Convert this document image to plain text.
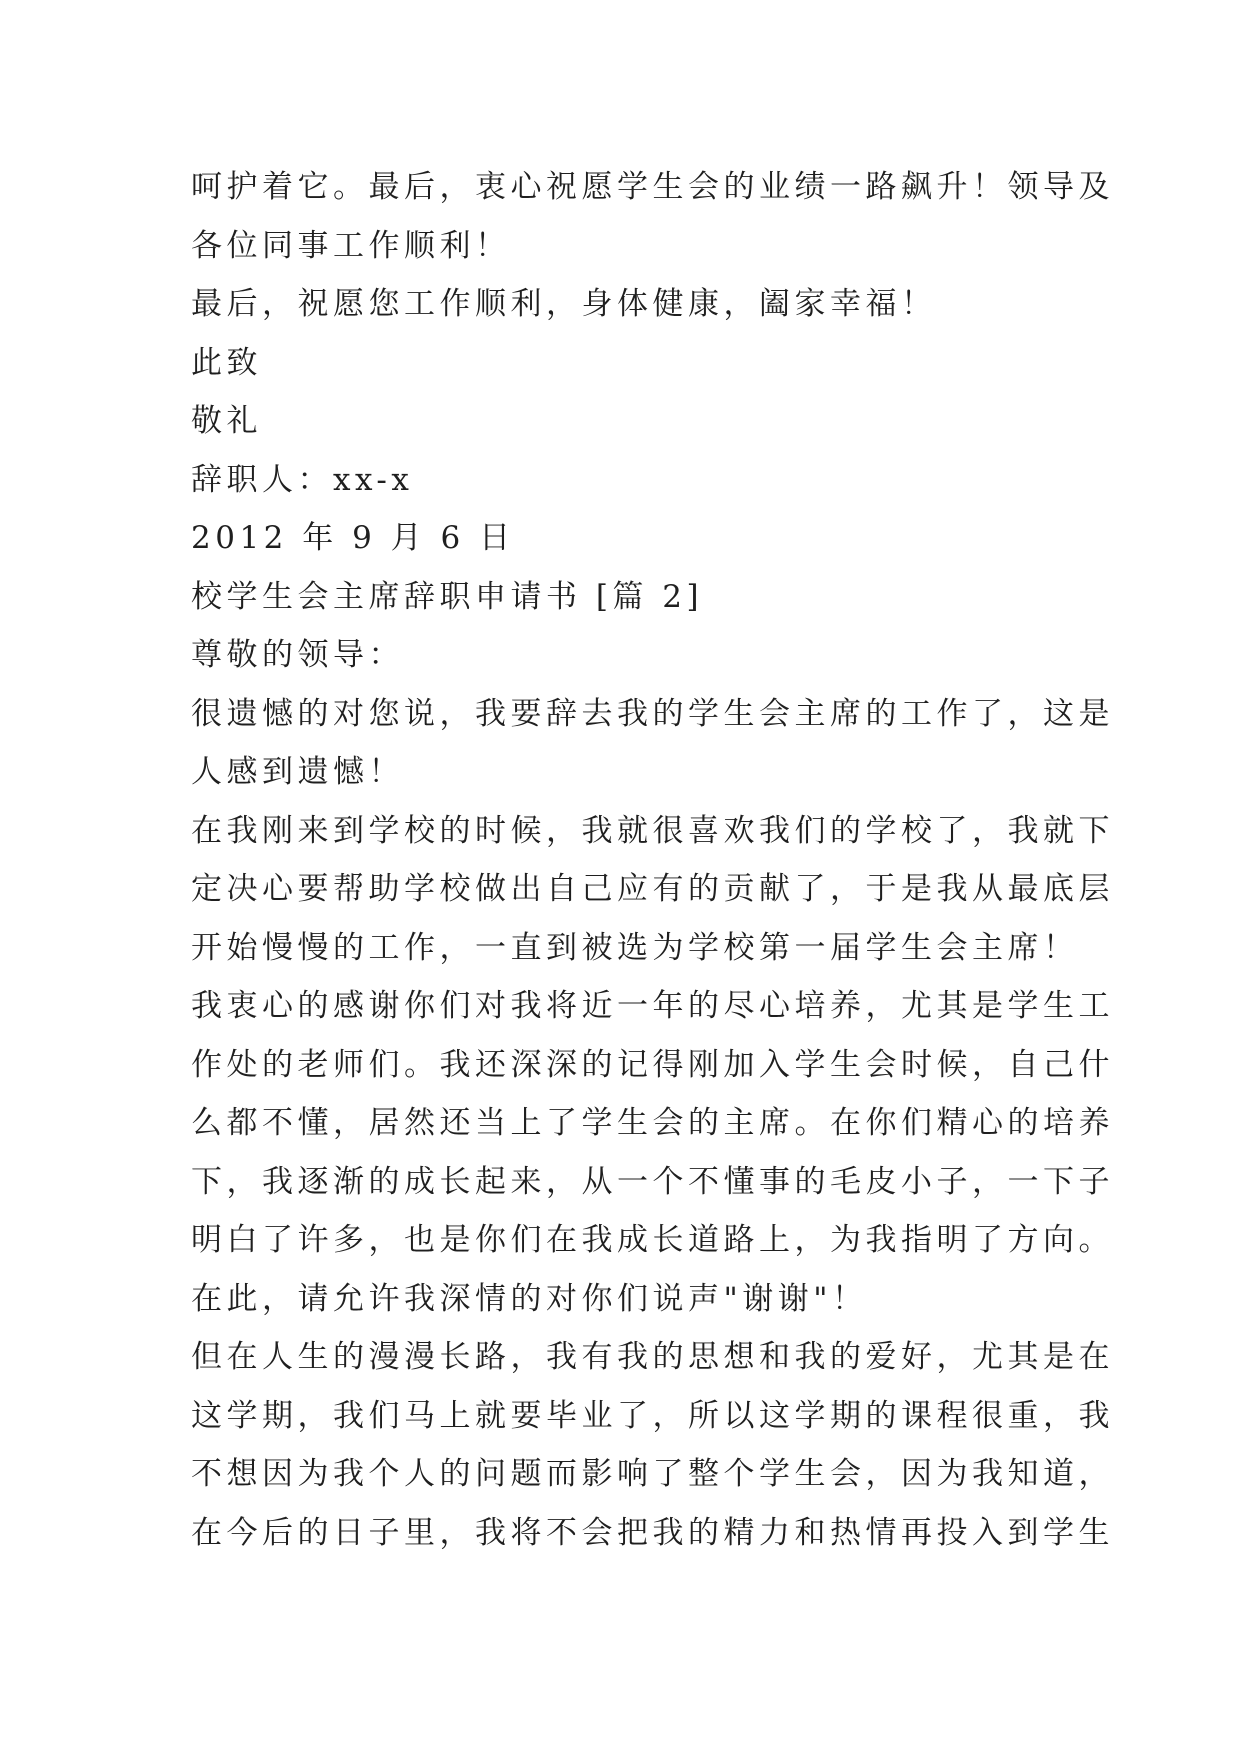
呵护着它。最后，衷心祝愿学生会的业绩一路飙升！领导及
各位同事工作顺利！
最后，祝愿您工作顺利，身体健康，阖家幸福！
此致
敬礼
辞职人：xx-x
2012 年 9 月 6 日
校学生会主席辞职申请书 [篇 2]
尊敬的领导：
很遗憾的对您说，我要辞去我的学生会主席的工作了，这是
人感到遗憾！
在我刚来到学校的时候，我就很喜欢我们的学校了，我就下
定决心要帮助学校做出自己应有的贡献了，于是我从最底层
开始慢慢的工作，一直到被选为学校第一届学生会主席！
我衷心的感谢你们对我将近一年的尽心培养，尤其是学生工
作处的老师们。我还深深的记得刚加入学生会时候，自己什
么都不懂，居然还当上了学生会的主席。在你们精心的培养
下，我逐渐的成长起来，从一个不懂事的毛皮小子，一下子
明白了许多，也是你们在我成长道路上，为我指明了方向。
在此，请允许我深情的对你们说声"谢谢"！
但在人生的漫漫长路，我有我的思想和我的爱好，尤其是在
这学期，我们马上就要毕业了，所以这学期的课程很重，我
不想因为我个人的问题而影响了整个学生会，因为我知道，
在今后的日子里，我将不会把我的精力和热情再投入到学生
